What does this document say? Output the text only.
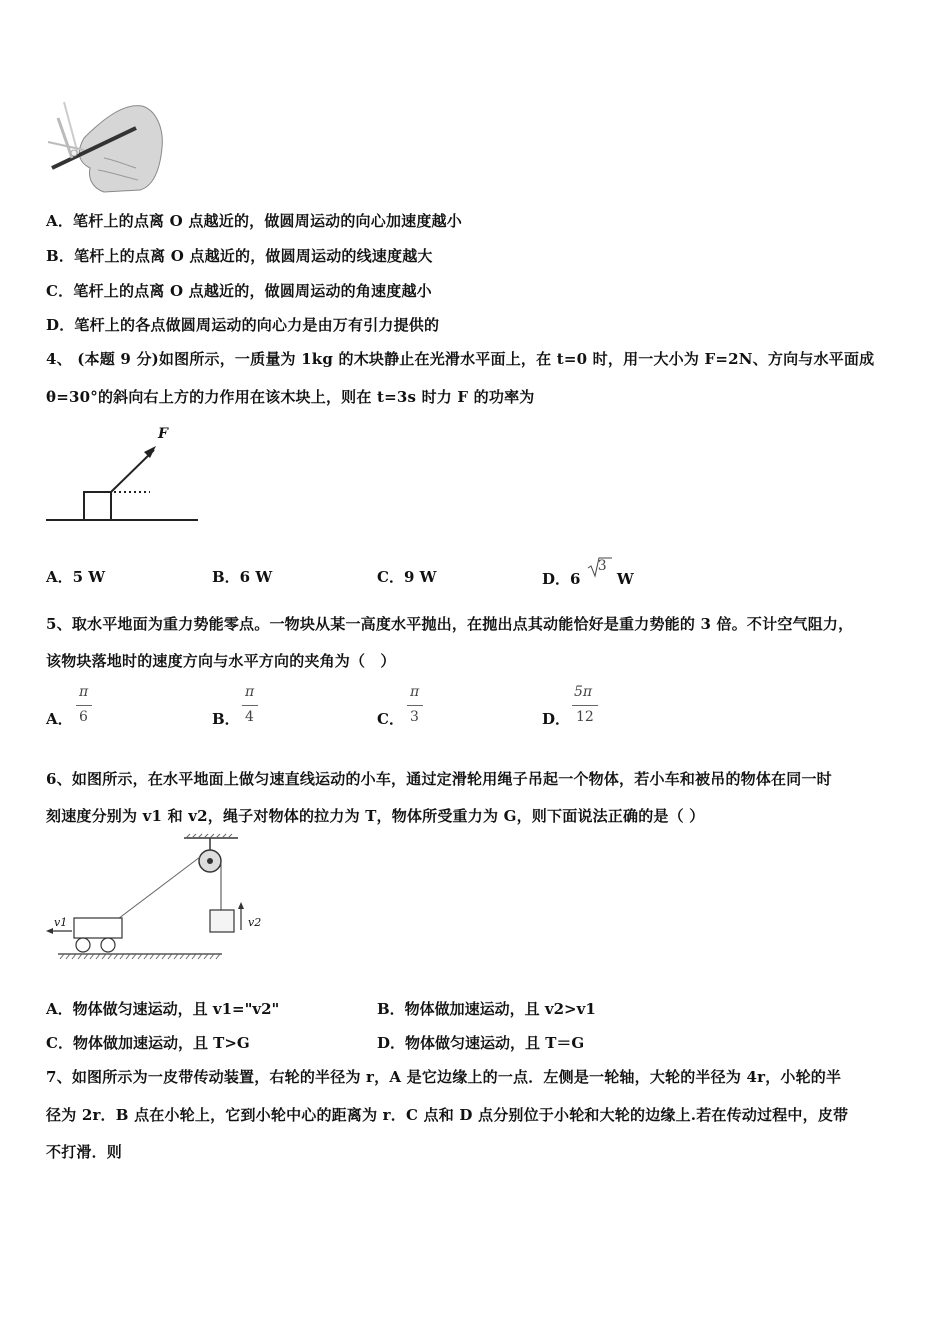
A．笔杆上的点离 O 点越近的，做圆周运动的向心加速度越小
B．笔杆上的点离 O 点越近的，做圆周运动的线速度越大
C．笔杆上的点离 O 点越近的，做圆周运动的角速度越小
D．笔杆上的各点做圆周运动的向心力是由万有引力提供的
4、 (本题 9 分)如图所示，一质量为 1kg 的木块静止在光滑水平面上，在 t=0 时，用一大小为 F=2N、方向与水平面成
θ=30°的斜向右上方的力作用在该木块上，则在 t=3s 时力 F 的功率为
F
A．5 W	B．6 W	C．9 W	D．6
3
W
5、取水平地面为重力势能零点。一物块从某一高度水平抛出，在抛出点其动能恰好是重力势能的 3 倍。不计空气阻力，
该物块落地时的速度方向与水平方向的夹角为（　）
A．
π
6	B．
π
4	C．
π
3	D．
5π
12
6、如图所示，在水平地面上做匀速直线运动的小车，通过定滑轮用绳子吊起一个物体，若小车和被吊的物体在同一时
刻速度分别为 v1 和 v2，绳子对物体的拉力为 T，物体所受重力为 G，则下面说法正确的是（ ）
v1	v2
A．物体做匀速运动，且 v1="v2"	B．物体做加速运动，且 v2>v1
C．物体做加速运动，且 T>G	D．物体做匀速运动，且 T＝G
7、如图所示为一皮带传动装置，右轮的半径为 r，A 是它边缘上的一点．左侧是一轮轴，大轮的半径为 4r，小轮的半
径为 2r．B 点在小轮上，它到小轮中心的距离为 r．C 点和 D 点分别位于小轮和大轮的边缘上.若在传动过程中，皮带
不打滑．则
